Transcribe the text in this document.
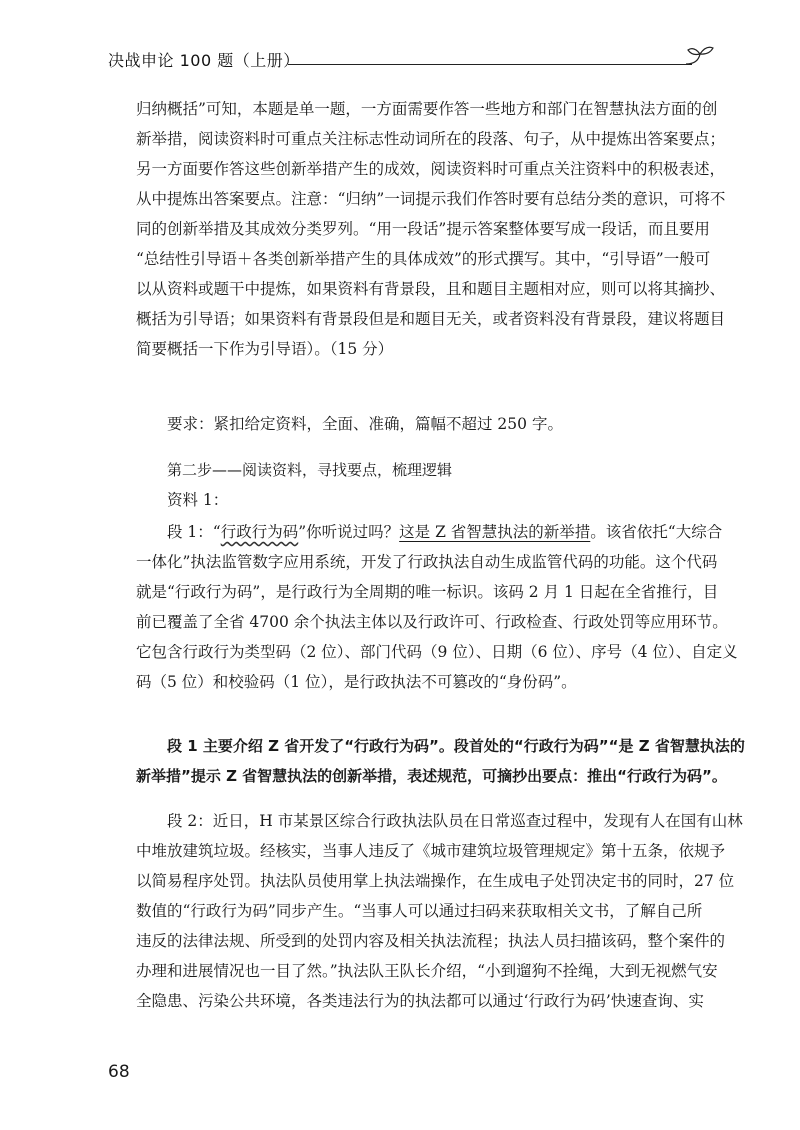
决战申论 100 题（上册）
归纳概括”可知，本题是单一题，一方面需要作答一些地方和部门在智慧执法方面的创
新举措，阅读资料时可重点关注标志性动词所在的段落、句子，从中提炼出答案要点；
另一方面要作答这些创新举措产生的成效，阅读资料时可重点关注资料中的积极表述，
从中提炼出答案要点。注意：“归纳”一词提示我们作答时要有总结分类的意识，可将不
同的创新举措及其成效分类罗列。“用一段话”提示答案整体要写成一段话，而且要用
“总结性引导语＋各类创新举措产生的具体成效”的形式撰写。其中，“引导语”一般可
以从资料或题干中提炼，如果资料有背景段，且和题目主题相对应，则可以将其摘抄、
概括为引导语；如果资料有背景段但是和题目无关，或者资料没有背景段，建议将题目
简要概括一下作为引导语）。（15 分）
要求：紧扣给定资料，全面、准确，篇幅不超过 250 字。
第二步——阅读资料，寻找要点，梳理逻辑
资料 1：
段 1：“行政行为码”你听说过吗？这是 Z 省智慧执法的新举措。该省依托“大综合
一体化”执法监管数字应用系统，开发了行政执法自动生成监管代码的功能。这个代码
就是“行政行为码”，是行政行为全周期的唯一标识。该码 2 月 1 日起在全省推行，目
前已覆盖了全省 4700 余个执法主体以及行政许可、行政检查、行政处罚等应用环节。
它包含行政行为类型码（2 位）、部门代码（9 位）、日期（6 位）、序号（4 位）、自定义
码（5 位）和校验码（1 位），是行政执法不可篡改的“身份码”。
段 1 主要介绍 Z 省开发了“行政行为码”。段首处的“行政行为码”“是 Z 省智慧执法的
新举措”提示 Z 省智慧执法的创新举措，表述规范，可摘抄出要点：推出“行政行为码”。
段 2：近日，H 市某景区综合行政执法队员在日常巡查过程中，发现有人在国有山林
中堆放建筑垃圾。经核实，当事人违反了《城市建筑垃圾管理规定》第十五条，依规予
以简易程序处罚。执法队员使用掌上执法端操作，在生成电子处罚决定书的同时，27 位
数值的“行政行为码”同步产生。“当事人可以通过扫码来获取相关文书，了解自己所
违反的法律法规、所受到的处罚内容及相关执法流程；执法人员扫描该码，整个案件的
办理和进展情况也一目了然。”执法队王队长介绍，“小到遛狗不拴绳，大到无视燃气安
全隐患、污染公共环境，各类违法行为的执法都可以通过‘行政行为码’快速查询、实
68
